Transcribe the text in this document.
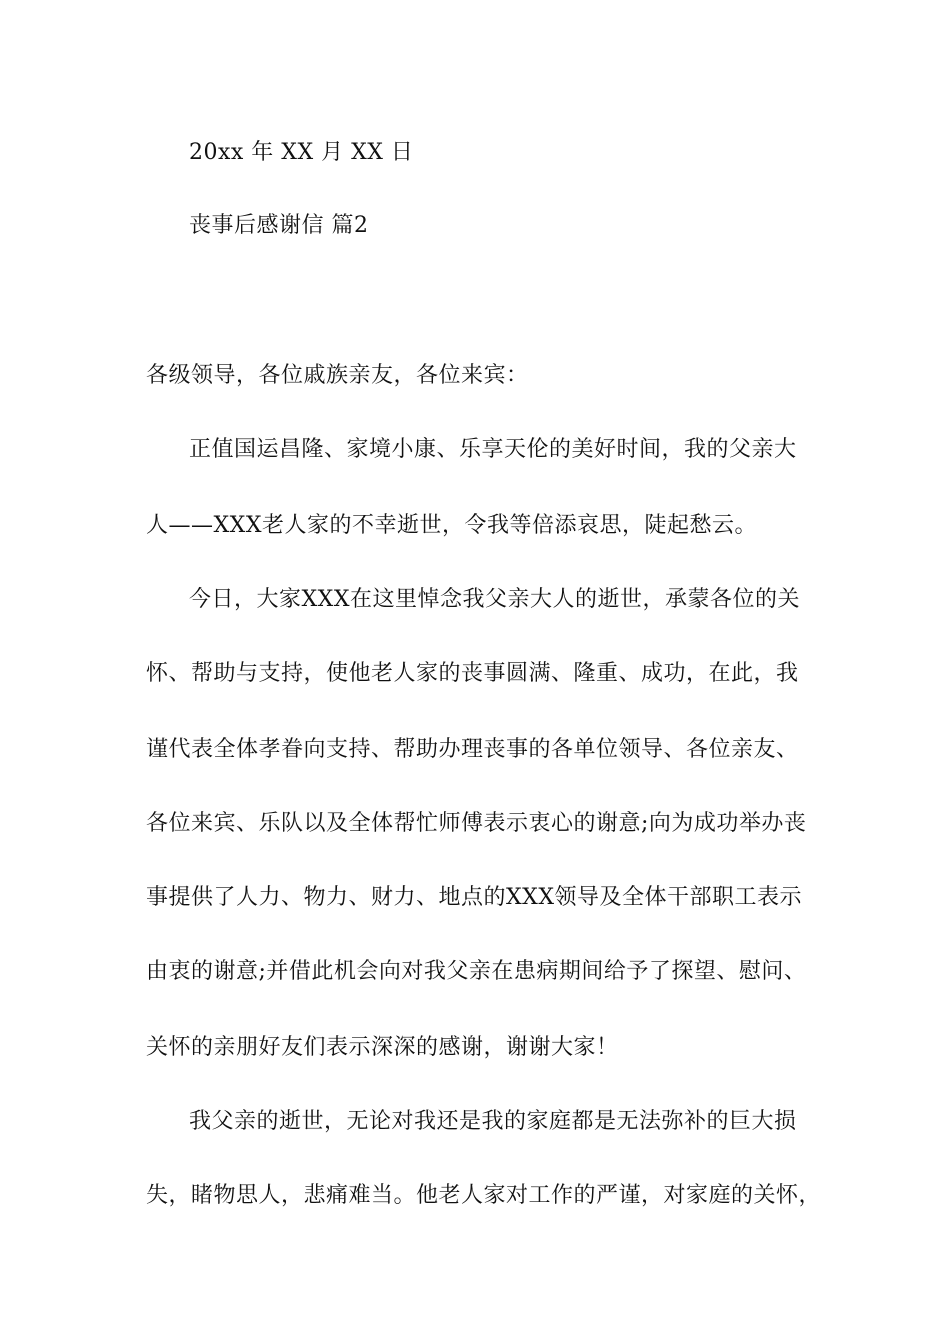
20xx 年 XX 月 XX 日
丧事后感谢信 篇2
各级领导，各位戚族亲友，各位来宾：
正值国运昌隆、家境小康、乐享天伦的美好时间，我的父亲大
人——XXX老人家的不幸逝世，令我等倍添哀思，陡起愁云。
今日，大家XXX在这里悼念我父亲大人的逝世，承蒙各位的关
怀、帮助与支持，使他老人家的丧事圆满、隆重、成功，在此，我
谨代表全体孝眷向支持、帮助办理丧事的各单位领导、各位亲友、
各位来宾、乐队以及全体帮忙师傅表示衷心的谢意;向为成功举办丧
事提供了人力、物力、财力、地点的XXX领导及全体干部职工表示
由衷的谢意;并借此机会向对我父亲在患病期间给予了探望、慰问、
关怀的亲朋好友们表示深深的感谢，谢谢大家！
我父亲的逝世，无论对我还是我的家庭都是无法弥补的巨大损
失，睹物思人，悲痛难当。他老人家对工作的严谨，对家庭的关怀，
